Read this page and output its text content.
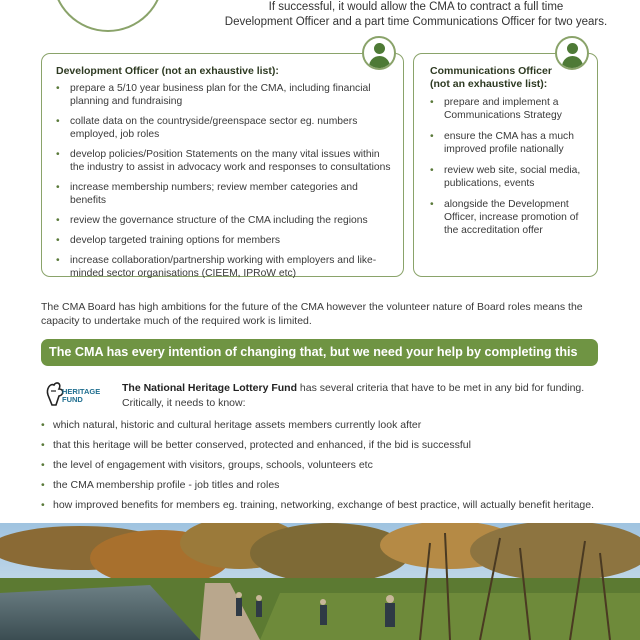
If successful, it would allow the CMA to contract a full time
Development Officer and a part time Communications Officer for two years.
Development Officer (not an exhaustive list):
• prepare a 5/10 year business plan for the CMA, including financial planning and fundraising
• collate data on the countryside/greenspace sector eg. numbers employed, job roles
• develop policies/Position Statements on the many vital issues within the industry to assist in advocacy work and responses to consultations
• increase membership numbers; review member categories and benefits
• review the governance structure of the CMA including the regions
• develop targeted training options for members
• increase collaboration/partnership working with employers and like-minded sector organisations (CIEEM, IPRoW etc)
Communications Officer
(not an exhaustive list):
• prepare and implement a Communications Strategy
• ensure the CMA has a much improved profile nationally
• review web site, social media, publications, events
• alongside the Development Officer, increase promotion of the accreditation offer
The CMA Board has high ambitions for the future of the CMA however the volunteer nature of Board roles means the capacity to undertake much of the required work is limited.
The CMA has every intention of changing that, but we need your help by completing this survey.
HERITAGE
FUND
The National Heritage Lottery Fund has several criteria that have to be met in any bid for funding. Critically, it needs to know:
• which natural, historic and cultural heritage assets members currently look after
• that this heritage will be better conserved, protected and enhanced, if the bid is successful
• the level of engagement with visitors, groups, schools, volunteers etc
• the CMA membership profile - job titles and roles
• how improved benefits for members eg. training, networking, exchange of best practice, will actually benefit heritage.
